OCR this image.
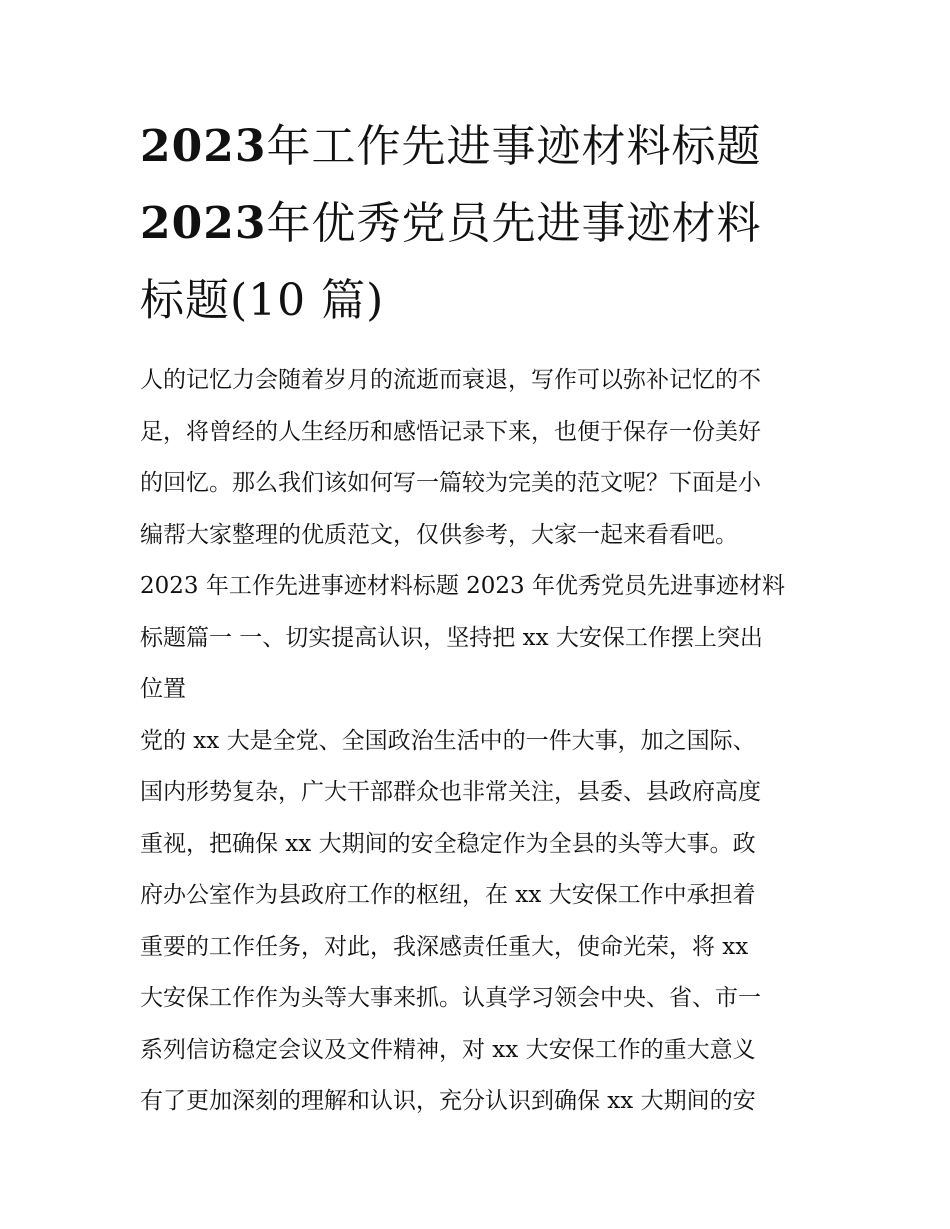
2023年工作先进事迹材料标题
2023年优秀党员先进事迹材料
标题(10 篇)

人的记忆力会随着岁月的流逝而衰退，写作可以弥补记忆的不
足，将曾经的人生经历和感悟记录下来，也便于保存一份美好
的回忆。那么我们该如何写一篇较为完美的范文呢？下面是小
编帮大家整理的优质范文，仅供参考，大家一起来看看吧。

2023 年工作先进事迹材料标题 2023 年优秀党员先进事迹材料
标题篇一 一、切实提高认识，坚持把 xx 大安保工作摆上突出
位置

党的 xx 大是全党、全国政治生活中的一件大事，加之国际、
国内形势复杂，广大干部群众也非常关注，县委、县政府高度
重视，把确保 xx 大期间的安全稳定作为全县的头等大事。政
府办公室作为县政府工作的枢纽，在 xx 大安保工作中承担着
重要的工作任务，对此，我深感责任重大，使命光荣，将 xx
大安保工作作为头等大事来抓。认真学习领会中央、省、市一
系列信访稳定会议及文件精神，对 xx 大安保工作的重大意义
有了更加深刻的理解和认识，充分认识到确保 xx 大期间的安
